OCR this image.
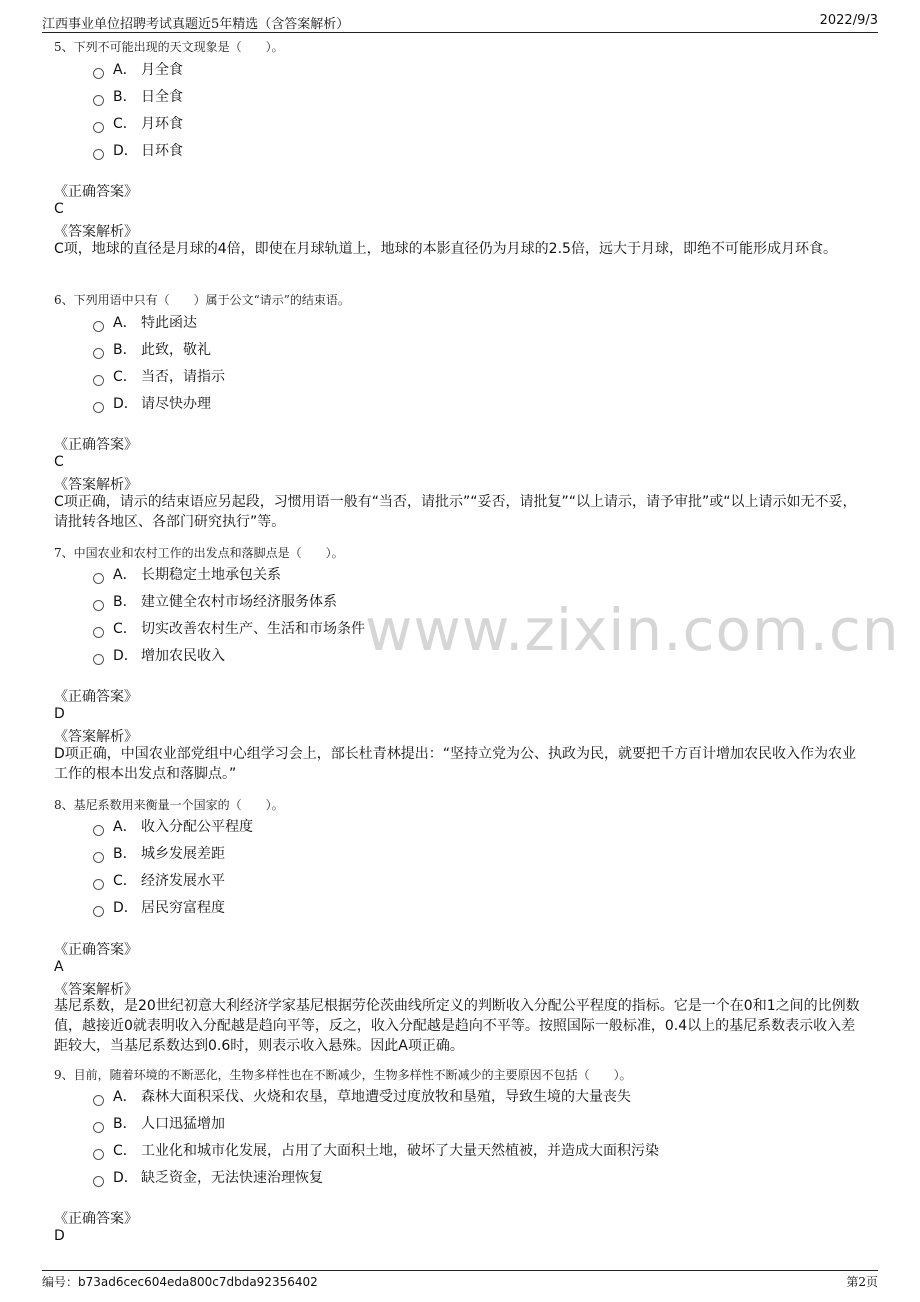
江西事业单位招聘考试真题近5年精选（含答案解析）	2022/9/3
www.zixin.com.cn
5、下列不可能出现的天文现象是（　　）。
A． 月全食
B． 日全食
C． 月环食
D． 日环食
《正确答案》
C
《答案解析》
C项，地球的直径是月球的4倍，即使在月球轨道上，地球的本影直径仍为月球的2.5倍，远大于月球，即绝不可能形成月环食。
6、下列用语中只有（　　）属于公文“请示”的结束语。
A． 特此函达
B． 此致，敬礼
C． 当否，请指示
D． 请尽快办理
《正确答案》
C
《答案解析》
C项正确，请示的结束语应另起段，习惯用语一般有“当否，请批示”“妥否，请批复”“以上请示，请予审批”或“以上请示如无不妥，请批转各地区、各部门研究执行”等。
7、中国农业和农村工作的出发点和落脚点是（　　）。
A． 长期稳定土地承包关系
B． 建立健全农村市场经济服务体系
C． 切实改善农村生产、生活和市场条件
D． 增加农民收入
《正确答案》
D
《答案解析》
D项正确，中国农业部党组中心组学习会上，部长杜青林提出：“坚持立党为公、执政为民，就要把千方百计增加农民收入作为农业工作的根本出发点和落脚点。”
8、基尼系数用来衡量一个国家的（　　）。
A． 收入分配公平程度
B． 城乡发展差距
C． 经济发展水平
D． 居民穷富程度
《正确答案》
A
《答案解析》
基尼系数，是20世纪初意大利经济学家基尼根据劳伦茨曲线所定义的判断收入分配公平程度的指标。它是一个在0和1之间的比例数值，越接近0就表明收入分配越是趋向平等，反之，收入分配越是趋向不平等。按照国际一般标准，0.4以上的基尼系数表示收入差距较大，当基尼系数达到0.6时，则表示收入悬殊。因此A项正确。
9、目前，随着环境的不断恶化，生物多样性也在不断减少，生物多样性不断减少的主要原因不包括（　　）。
A． 森林大面积采伐、火烧和农垦，草地遭受过度放牧和垦殖，导致生境的大量丧失
B． 人口迅猛增加
C． 工业化和城市化发展，占用了大面积土地，破坏了大量天然植被，并造成大面积污染
D． 缺乏资金，无法快速治理恢复
《正确答案》
D
编号：b73ad6cec604eda800c7dbda92356402	第2页
